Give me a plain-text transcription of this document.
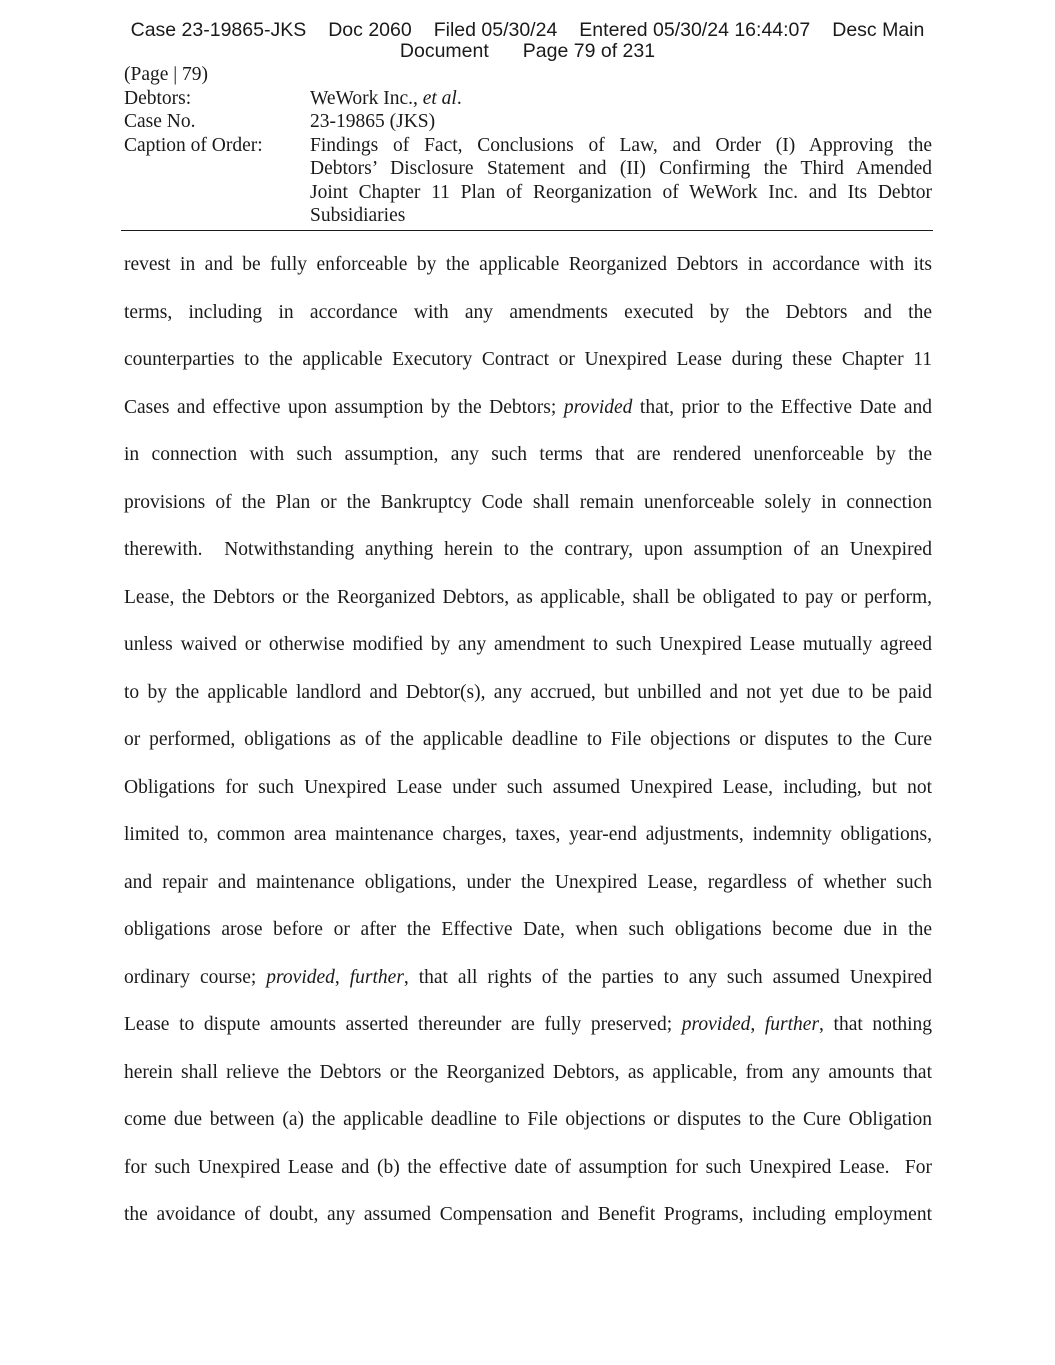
Case 23-19865-JKS Doc 2060 Filed 05/30/24 Entered 05/30/24 16:44:07 Desc Main
Document Page 79 of 231
(Page | 79)
Debtors:	WeWork Inc., et al.
Case No.	23-19865 (JKS)
Caption of Order:	Findings of Fact, Conclusions of Law, and Order (I) Approving the
Debtors’ Disclosure Statement and (II) Confirming the Third Amended
Joint Chapter 11 Plan of Reorganization of WeWork Inc. and Its Debtor
Subsidiaries
revest in and be fully enforceable by the applicable Reorganized Debtors in accordance with its
terms, including in accordance with any amendments executed by the Debtors and the
counterparties to the applicable Executory Contract or Unexpired Lease during these Chapter 11
Cases and effective upon assumption by the Debtors; provided that, prior to the Effective Date and
in connection with such assumption, any such terms that are rendered unenforceable by the
provisions of the Plan or the Bankruptcy Code shall remain unenforceable solely in connection
therewith.  Notwithstanding anything herein to the contrary, upon assumption of an Unexpired
Lease, the Debtors or the Reorganized Debtors, as applicable, shall be obligated to pay or perform,
unless waived or otherwise modified by any amendment to such Unexpired Lease mutually agreed
to by the applicable landlord and Debtor(s), any accrued, but unbilled and not yet due to be paid
or performed, obligations as of the applicable deadline to File objections or disputes to the Cure
Obligations for such Unexpired Lease under such assumed Unexpired Lease, including, but not
limited to, common area maintenance charges, taxes, year-end adjustments, indemnity obligations,
and repair and maintenance obligations, under the Unexpired Lease, regardless of whether such
obligations arose before or after the Effective Date, when such obligations become due in the
ordinary course; provided, further, that all rights of the parties to any such assumed Unexpired
Lease to dispute amounts asserted thereunder are fully preserved; provided, further, that nothing
herein shall relieve the Debtors or the Reorganized Debtors, as applicable, from any amounts that
come due between (a) the applicable deadline to File objections or disputes to the Cure Obligation
for such Unexpired Lease and (b) the effective date of assumption for such Unexpired Lease.  For
the avoidance of doubt, any assumed Compensation and Benefit Programs, including employment
